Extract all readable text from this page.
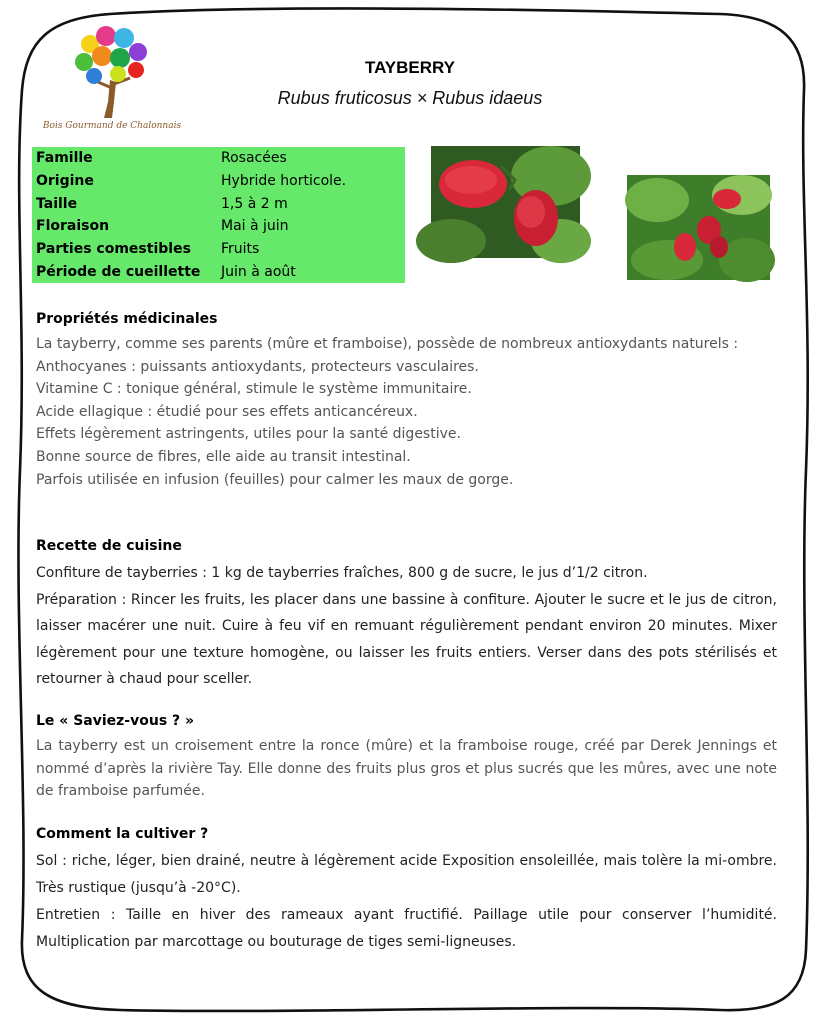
Bois Gourmand de Chalonnais
TAYBERRY
Rubus fruticosus × Rubus idaeus
Famille	Rosacées
Origine	Hybride horticole.
Taille	1,5 à 2 m
Floraison	Mai à juin
Parties comestibles	Fruits
Période de cueillette	Juin à août

Propriétés médicinales

La tayberry, comme ses parents (mûre et framboise), possède de nombreux antioxydants naturels :

Anthocyanes : puissants antioxydants, protecteurs vasculaires.

Vitamine C : tonique général, stimule le système immunitaire.

Acide ellagique : étudié pour ses effets anticancéreux.

Effets légèrement astringents, utiles pour la santé digestive.

Bonne source de fibres, elle aide au transit intestinal.

Parfois utilisée en infusion (feuilles) pour calmer les maux de gorge.

Recette de cuisine

Confiture de tayberries : 1 kg de tayberries fraîches, 800 g de sucre, le jus d’1/2 citron.

Préparation : Rincer les fruits, les placer dans une bassine à confiture. Ajouter le sucre et le jus de citron, laisser macérer une nuit. Cuire à feu vif en remuant régulièrement pendant environ 20 minutes. Mixer légèrement pour une texture homogène, ou laisser les fruits entiers. Verser dans des pots stérilisés et retourner à chaud pour sceller.

Le « Saviez-vous ? »

La tayberry est un croisement entre la ronce (mûre) et la framboise rouge, créé par Derek Jennings et nommé d’après la rivière Tay. Elle donne des fruits plus gros et plus sucrés que les mûres, avec une note de framboise parfumée.

Comment la cultiver ?

Sol : riche, léger, bien drainé, neutre à légèrement acide Exposition ensoleillée, mais tolère la mi-ombre. Très rustique (jusqu’à -20°C).

Entretien : Taille en hiver des rameaux ayant fructifié. Paillage utile pour conserver l’humidité. Multiplication par marcottage ou bouturage de tiges semi-ligneuses.
